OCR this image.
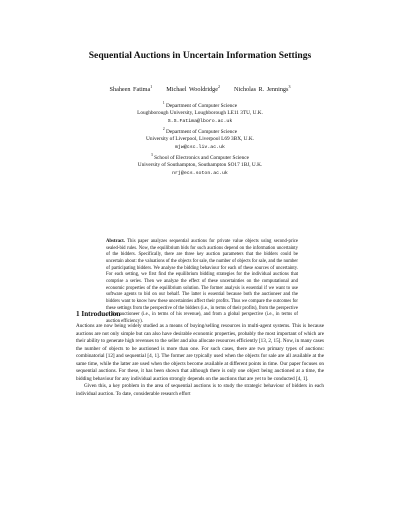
Sequential Auctions in Uncertain Information Settings
Shaheen Fatima$^1$ Michael Wooldridge$^2$ Nicholas R. Jennings$^3$
$^1$ Department of Computer Science
Loughborough University, Loughborough LE11 3TU, U.K.
S.S.Fatima@lboro.ac.uk
$^2$ Department of Computer Science
University of Liverpool, Liverpool L69 3BX, U.K.
mjw@csc.liv.ac.uk
$^3$ School of Electronics and Computer Science
University of Southampton, Southampton SO17 1BJ, U.K.
nrj@ecs.soton.ac.uk
Abstract. This paper analyzes sequential auctions for private value objects using second-price sealed-bid rules. Now, the equilibrium bids for such auctions depend on the information uncertainty of the bidders. Specifically, there are three key auction parameters that the bidders could be uncertain about: the valuations of the objects for sale, the number of objects for sale, and the number of participating bidders. We analyse the bidding behaviour for each of these sources of uncertainty. For each setting, we first find the equilibrium bidding strategies for the individual auctions that comprise a series. Then we analyze the effect of these uncertainties on the computational and economic properties of the equilibrium solution. The former analysis is essential if we want to use software agents to bid on our behalf. The latter is essential because both the auctioneer and the bidders want to know how these uncertainties affect their profits. Thus we compare the outcomes for these settings from the perspective of the bidders (i.e., in terms of their profits), from the perspective of the auctioneer (i.e., in terms of his revenue), and from a global perspective (i.e., in terms of auction efficiency).
1 Introduction

Auctions are now being widely studied as a means of buying/selling resources in multi-agent systems. This is because auctions are not only simple but can also have desirable economic properties, probably the most important of which are their ability to generate high revenues to the seller and also allocate resources efficiently [13, 2, 15]. Now, in many cases the number of objects to be auctioned is more than one. For such cases, there are two primary types of auctions: combinatorial [12] and sequential [4, 1]. The former are typically used when the objects for sale are all available at the same time, while the latter are used when the objects become available at different points in time. Our paper focuses on sequential auctions. For these, it has been shown that although there is only one object being auctioned at a time, the bidding behaviour for any individual auction strongly depends on the auctions that are yet to be conducted [4, 1].

Given this, a key problem in the area of sequential auctions is to study the strategic behaviour of bidders in each individual auction. To date, considerable research effort
